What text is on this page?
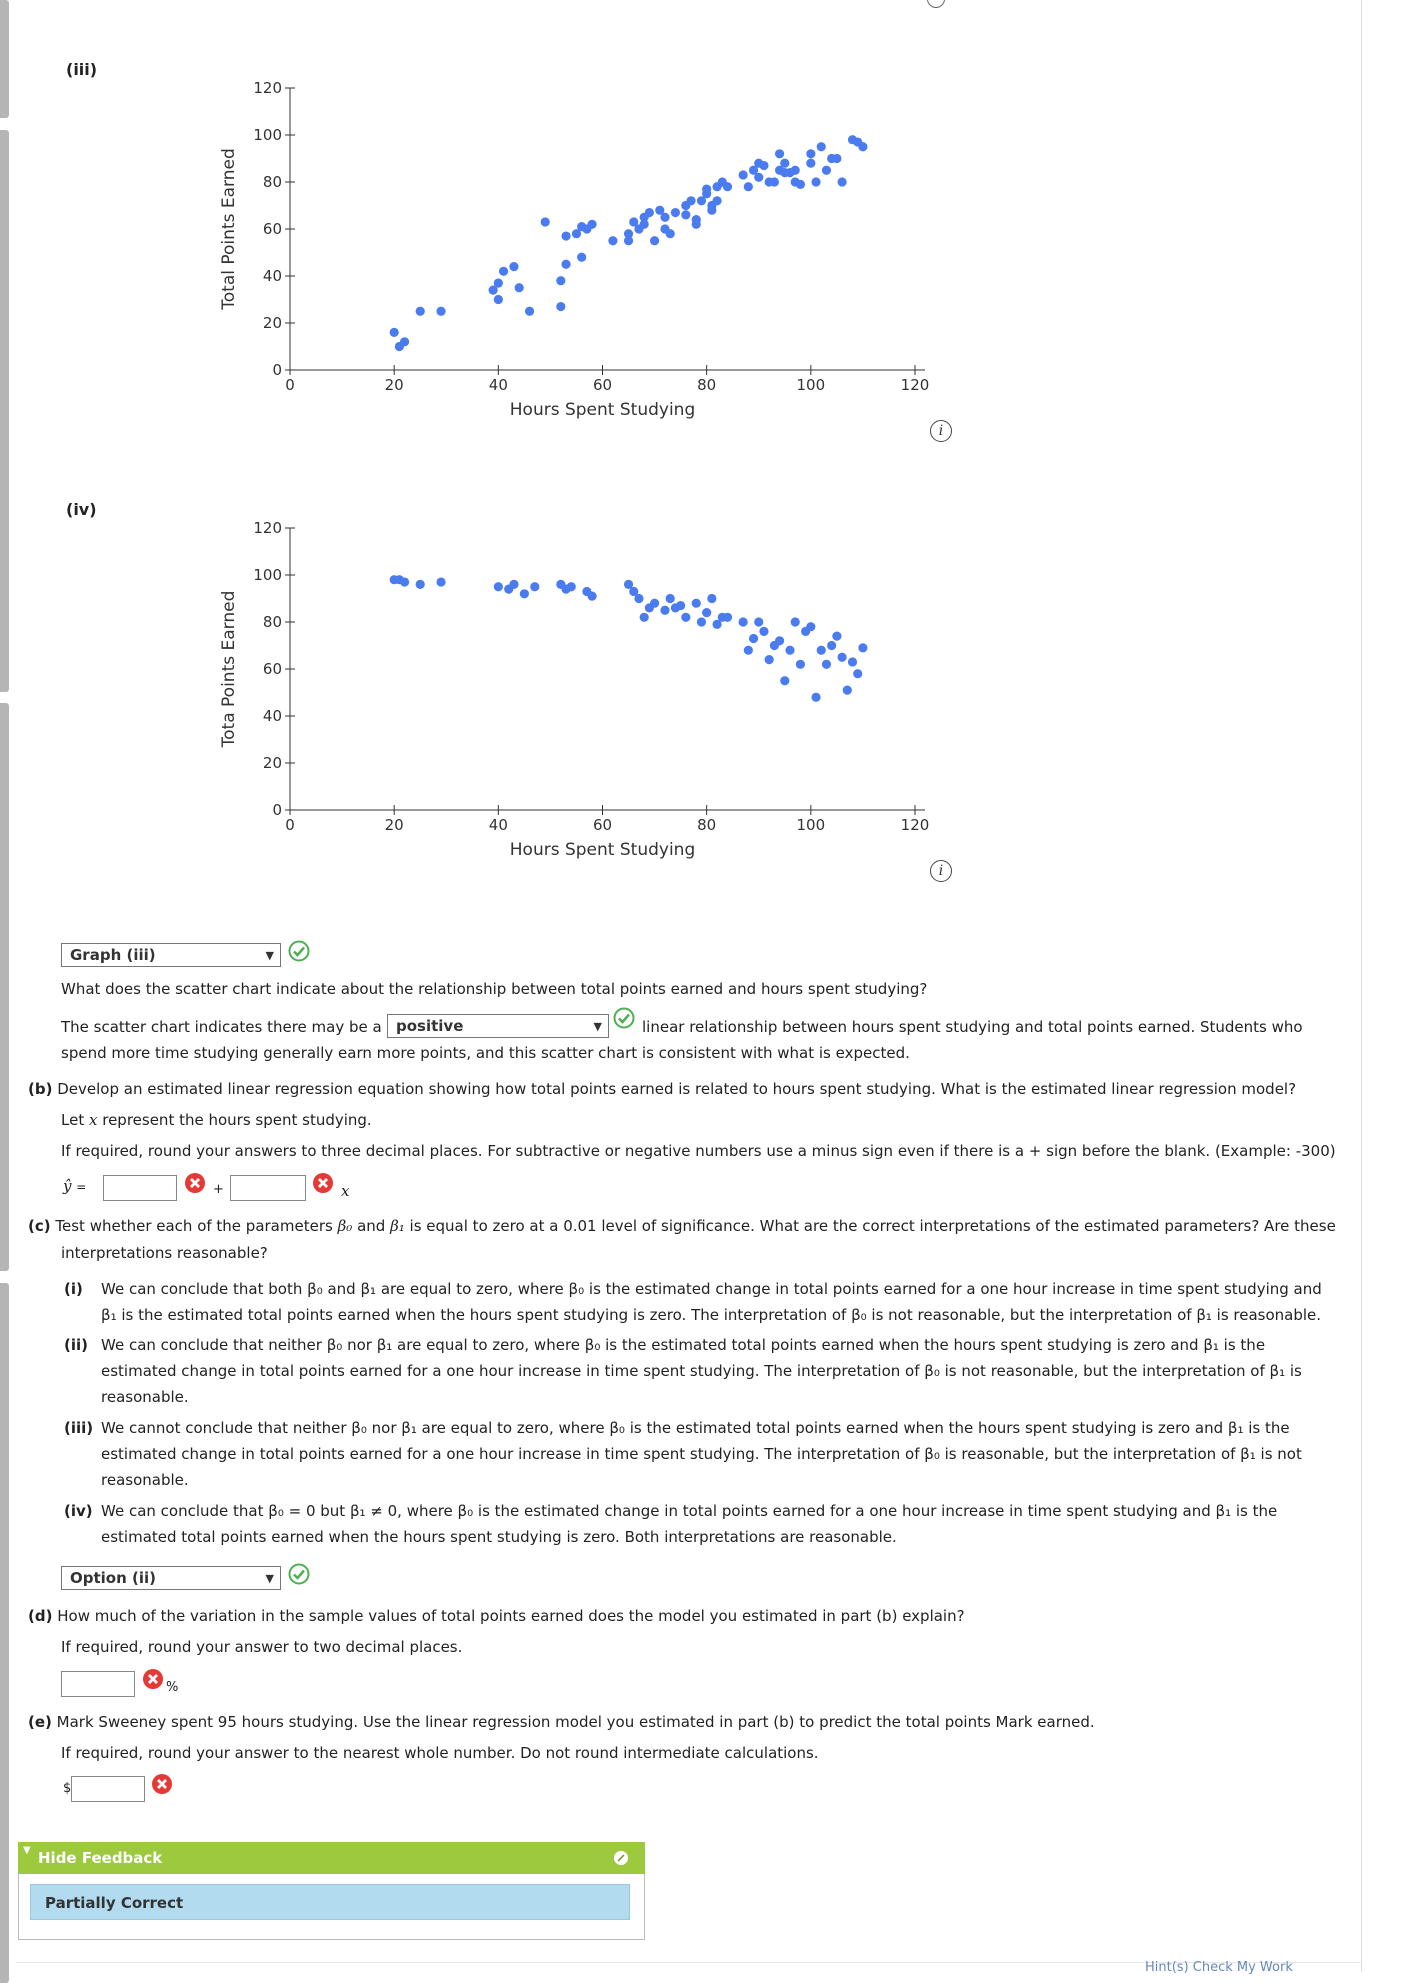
(iii)
0	20	40	60	80	100	120
0
20
40
60
80
100
120
Hours Spent Studying
Total Points Earned
i
(iv)
0	20	40	60	80	100	120
0
20
40
60
80
100
120
Hours Spent Studying
Tota Points Earned
i
Graph (iii)	▼
What does the scatter chart indicate about the relationship between total points earned and hours spent studying?
The scatter chart indicates there may be a positive	▼	linear relationship between hours spent studying and total points earned. Students who
spend more time studying generally earn more points, and this scatter chart is consistent with what is expected.
(b) Develop an estimated linear regression equation showing how total points earned is related to hours spent studying. What is the estimated linear regression model?
Let x represent the hours spent studying.
If required, round your answers to three decimal places. For subtractive or negative numbers use a minus sign even if there is a + sign before the blank. (Example: -300)
ŷ =	+	x
(c) Test whether each of the parameters β₀ and β₁ is equal to zero at a 0.01 level of significance. What are the correct interpretations of the estimated parameters? Are these
interpretations reasonable?
(i) We can conclude that both β₀ and β₁ are equal to zero, where β₀ is the estimated change in total points earned for a one hour increase in time spent studying and
β₁ is the estimated total points earned when the hours spent studying is zero. The interpretation of β₀ is not reasonable, but the interpretation of β₁ is reasonable.
(ii) We can conclude that neither β₀ nor β₁ are equal to zero, where β₀ is the estimated total points earned when the hours spent studying is zero and β₁ is the
estimated change in total points earned for a one hour increase in time spent studying. The interpretation of β₀ is not reasonable, but the interpretation of β₁ is
reasonable.
(iii) We cannot conclude that neither β₀ nor β₁ are equal to zero, where β₀ is the estimated total points earned when the hours spent studying is zero and β₁ is the
estimated change in total points earned for a one hour increase in time spent studying. The interpretation of β₀ is reasonable, but the interpretation of β₁ is not
reasonable.
(iv) We can conclude that β₀ = 0 but β₁ ≠ 0, where β₀ is the estimated change in total points earned for a one hour increase in time spent studying and β₁ is the
estimated total points earned when the hours spent studying is zero. Both interpretations are reasonable.
Option (ii)	▼
(d) How much of the variation in the sample values of total points earned does the model you estimated in part (b) explain?
If required, round your answer to two decimal places.
%
(e) Mark Sweeney spent 95 hours studying. Use the linear regression model you estimated in part (b) to predict the total points Mark earned.
If required, round your answer to the nearest whole number. Do not round intermediate calculations.
$
▼ Hide Feedback
Partially Correct
Hint(s) Check My Work
